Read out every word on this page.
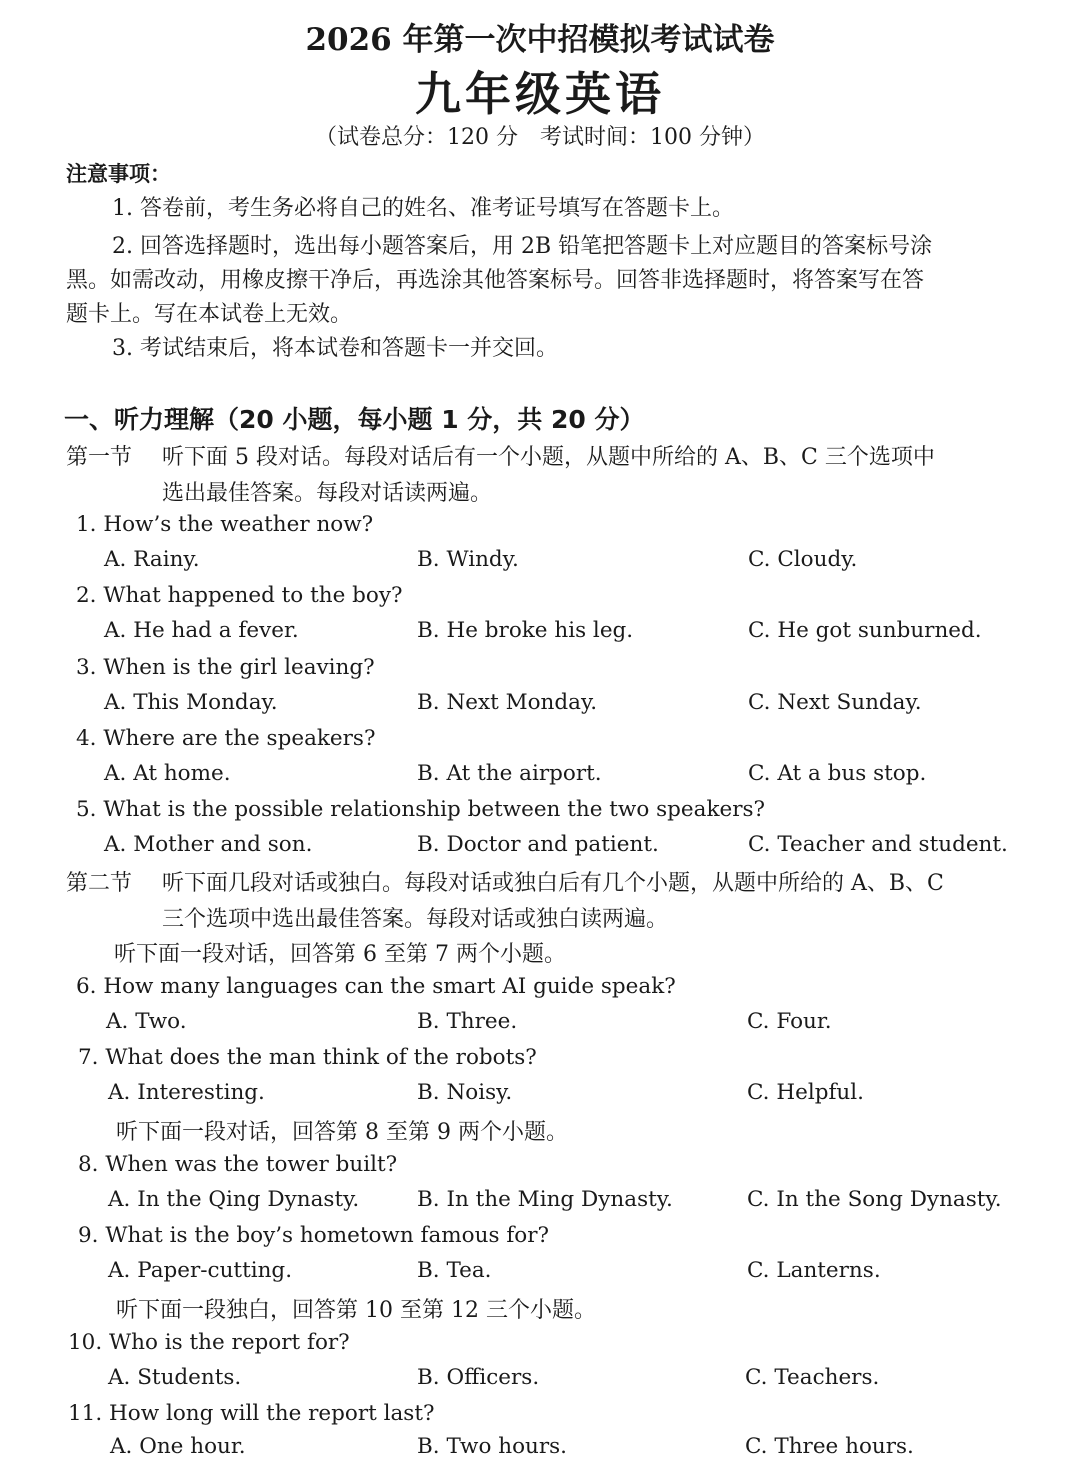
2026 年第一次中招模拟考试试卷
九年级英语
（试卷总分：120 分　考试时间：100 分钟）
注意事项：
1. 答卷前，考生务必将自己的姓名、准考证号填写在答题卡上。
2. 回答选择题时，选出每小题答案后，用 2B 铅笔把答题卡上对应题目的答案标号涂
黑。如需改动，用橡皮擦干净后，再选涂其他答案标号。回答非选择题时，将答案写在答
题卡上。写在本试卷上无效。
3. 考试结束后，将本试卷和答题卡一并交回。
一、听力理解（20 小题，每小题 1 分，共 20 分）
第一节 听下面 5 段对话。每段对话后有一个小题，从题中所给的 A、B、C 三个选项中
选出最佳答案。每段对话读两遍。
1. How’s the weather now?
A. Rainy.	B. Windy.	C. Cloudy.
2. What happened to the boy?
A. He had a fever.	B. He broke his leg.	C. He got sunburned.
3. When is the girl leaving?
A. This Monday.	B. Next Monday.	C. Next Sunday.
4. Where are the speakers?
A. At home.	B. At the airport.	C. At a bus stop.
5. What is the possible relationship between the two speakers?
A. Mother and son.	B. Doctor and patient.	C. Teacher and student.
第二节 听下面几段对话或独白。每段对话或独白后有几个小题，从题中所给的 A、B、C
三个选项中选出最佳答案。每段对话或独白读两遍。
听下面一段对话，回答第 6 至第 7 两个小题。
6. How many languages can the smart AI guide speak?
A. Two.	B. Three.	C. Four.
7. What does the man think of the robots?
A. Interesting.	B. Noisy.	C. Helpful.
听下面一段对话，回答第 8 至第 9 两个小题。
8. When was the tower built?
A. In the Qing Dynasty.	B. In the Ming Dynasty.	C. In the Song Dynasty.
9. What is the boy’s hometown famous for?
A. Paper-cutting.	B. Tea.	C. Lanterns.
听下面一段独白，回答第 10 至第 12 三个小题。
10. Who is the report for?
A. Students.	B. Officers.	C. Teachers.
11. How long will the report last?
A. One hour.	B. Two hours.	C. Three hours.
